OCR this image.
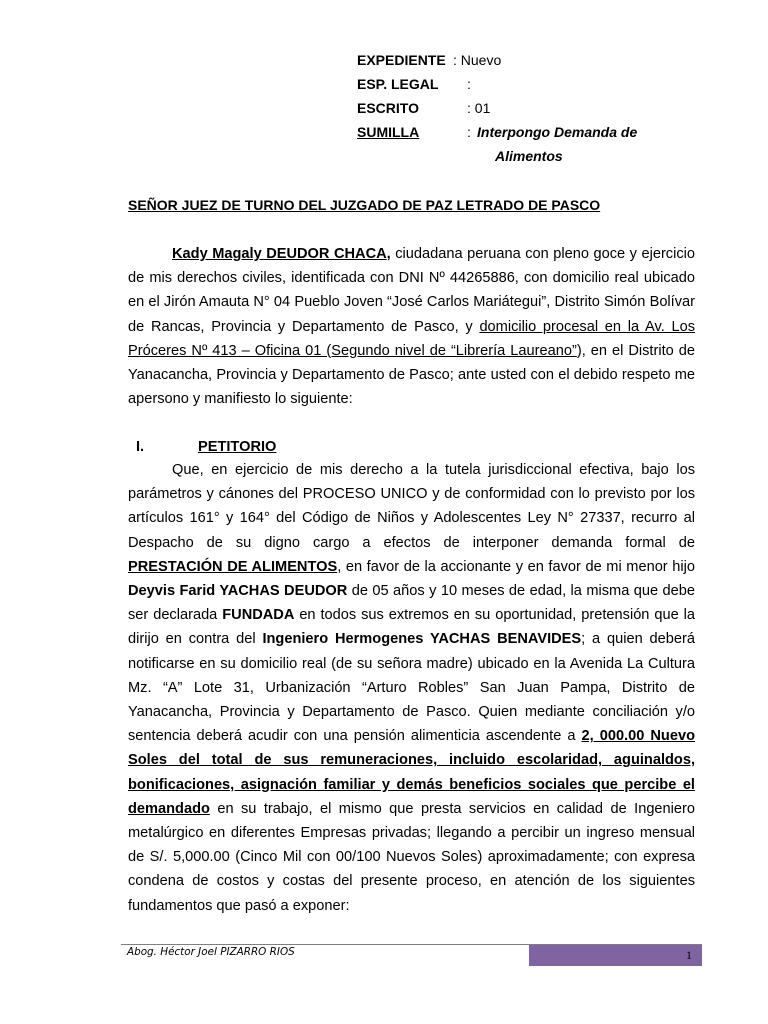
EXPEDIENTE : Nuevo
ESP. LEGAL :
ESCRITO	: 01
SUMILLA	: Interpongo Demanda de
Alimentos
SEÑOR JUEZ DE TURNO DEL JUZGADO DE PAZ LETRADO DE PASCO

Kady Magaly DEUDOR CHACA, ciudadana peruana con pleno goce y ejercicio de mis derechos civiles, identificada con DNI Nº 44265886, con domicilio real ubicado en el Jirón Amauta N° 04 Pueblo Joven “José Carlos Mariátegui”, Distrito Simón Bolívar de Rancas, Provincia y Departamento de Pasco, y domicilio procesal en la Av. Los Próceres Nº 413 – Oficina 01 (Segundo nivel de “Librería Laureano”), en el Distrito de Yanacancha, Provincia y Departamento de Pasco; ante usted con el debido respeto me apersono y manifiesto lo siguiente:

I.	PETITORIO

Que, en ejercicio de mis derecho a la tutela jurisdiccional efectiva, bajo los parámetros y cánones del PROCESO UNICO y de conformidad con lo previsto por los artículos 161° y 164° del Código de Niños y Adolescentes Ley N° 27337, recurro al Despacho de su digno cargo a efectos de interponer demanda formal de PRESTACIÓN DE ALIMENTOS, en favor de la accionante y en favor de mi menor hijo Deyvis Farid YACHAS DEUDOR de 05 años y 10 meses de edad, la misma que debe ser declarada FUNDADA en todos sus extremos en su oportunidad, pretensión que la dirijo en contra del Ingeniero Hermogenes YACHAS BENAVIDES; a quien deberá notificarse en su domicilio real (de su señora madre) ubicado en la Avenida La Cultura Mz. “A” Lote 31, Urbanización “Arturo Robles” San Juan Pampa, Distrito de Yanacancha, Provincia y Departamento de Pasco. Quien mediante conciliación y/o sentencia deberá acudir con una pensión alimenticia ascendente a 2, 000.00 Nuevo Soles del total de sus remuneraciones, incluido escolaridad, aguinaldos, bonificaciones, asignación familiar y demás beneficios sociales que percibe el demandado en su trabajo, el mismo que presta servicios en calidad de Ingeniero metalúrgico en diferentes Empresas privadas; llegando a percibir un ingreso mensual de S/. 5,000.00 (Cinco Mil con 00/100 Nuevos Soles) aproximadamente; con expresa condena de costos y costas del presente proceso, en atención de los siguientes fundamentos que pasó a exponer:

Abog. Héctor Joel PIZARRO RIOS	1
